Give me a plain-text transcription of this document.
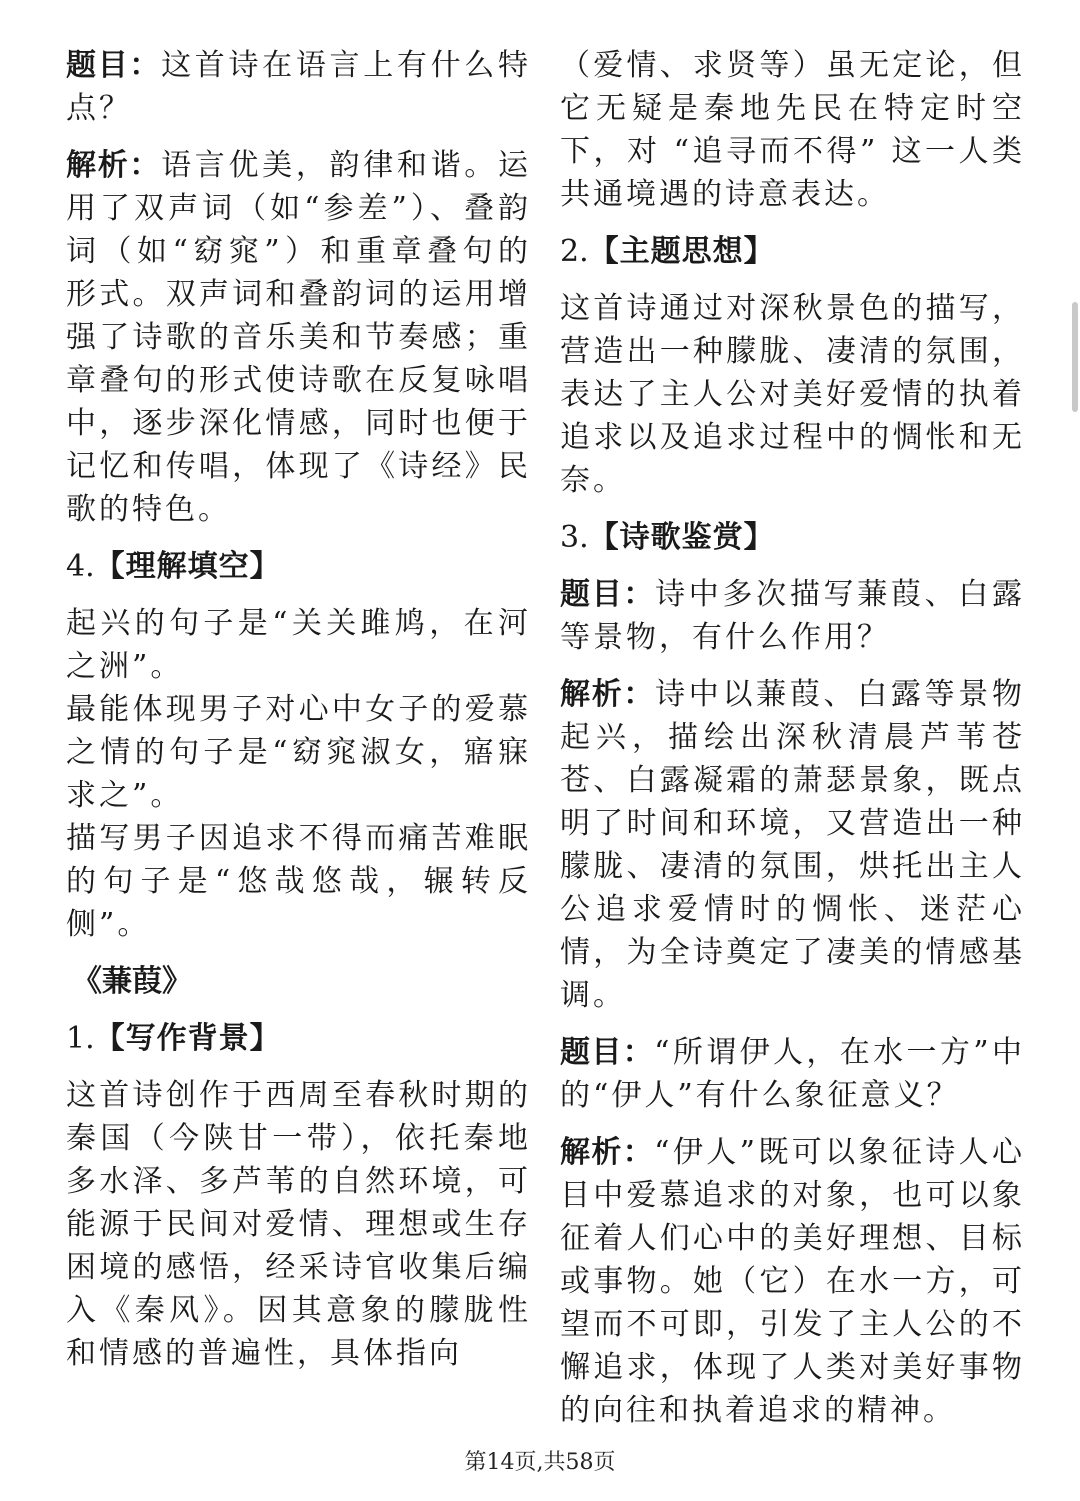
题目：这首诗在语言上有什么特点？

解析：语言优美，韵律和谐。运用了双声词（如“参差”）、叠韵词（如“窈窕”）和重章叠句的形式。双声词和叠韵词的运用增强了诗歌的音乐美和节奏感；重章叠句的形式使诗歌在反复咏唱中，逐步深化情感，同时也便于记忆和传唱，体现了《诗经》民歌的特色。

4.【理解填空】

起兴的句子是“关关雎鸠，在河之洲”。

最能体现男子对心中女子的爱慕之情的句子是“窈窕淑女，寤寐求之”。

描写男子因追求不得而痛苦难眠的句子是“悠哉悠哉，辗转反侧”。

《蒹葭》
1.【写作背景】

这首诗创作于西周至春秋时期的秦国（今陕甘一带），依托秦地多水泽、多芦苇的自然环境，可能源于民间对爱情、理想或生存困境的感悟，经采诗官收集后编入《秦风》。因其意象的朦胧性和情感的普遍性，具体指向

（爱情、求贤等）虽无定论，但它无疑是秦地先民在特定时空下，对 “追寻而不得” 这一人类共通境遇的诗意表达。

2.【主题思想】

这首诗通过对深秋景色的描写，营造出一种朦胧、凄清的氛围，表达了主人公对美好爱情的执着追求以及追求过程中的惆怅和无奈。

3.【诗歌鉴赏】

题目：诗中多次描写蒹葭、白露等景物，有什么作用？

解析：诗中以蒹葭、白露等景物起兴，描绘出深秋清晨芦苇苍苍、白露凝霜的萧瑟景象，既点明了时间和环境，又营造出一种朦胧、凄清的氛围，烘托出主人公追求爱情时的惆怅、迷茫心情，为全诗奠定了凄美的情感基调。

题目：“所谓伊人，在水一方”中的“伊人”有什么象征意义？

解析：“伊人”既可以象征诗人心目中爱慕追求的对象，也可以象征着人们心中的美好理想、目标或事物。她（它）在水一方，可望而不可即，引发了主人公的不懈追求，体现了人类对美好事物的向往和执着追求的精神。

第14页,共58页
